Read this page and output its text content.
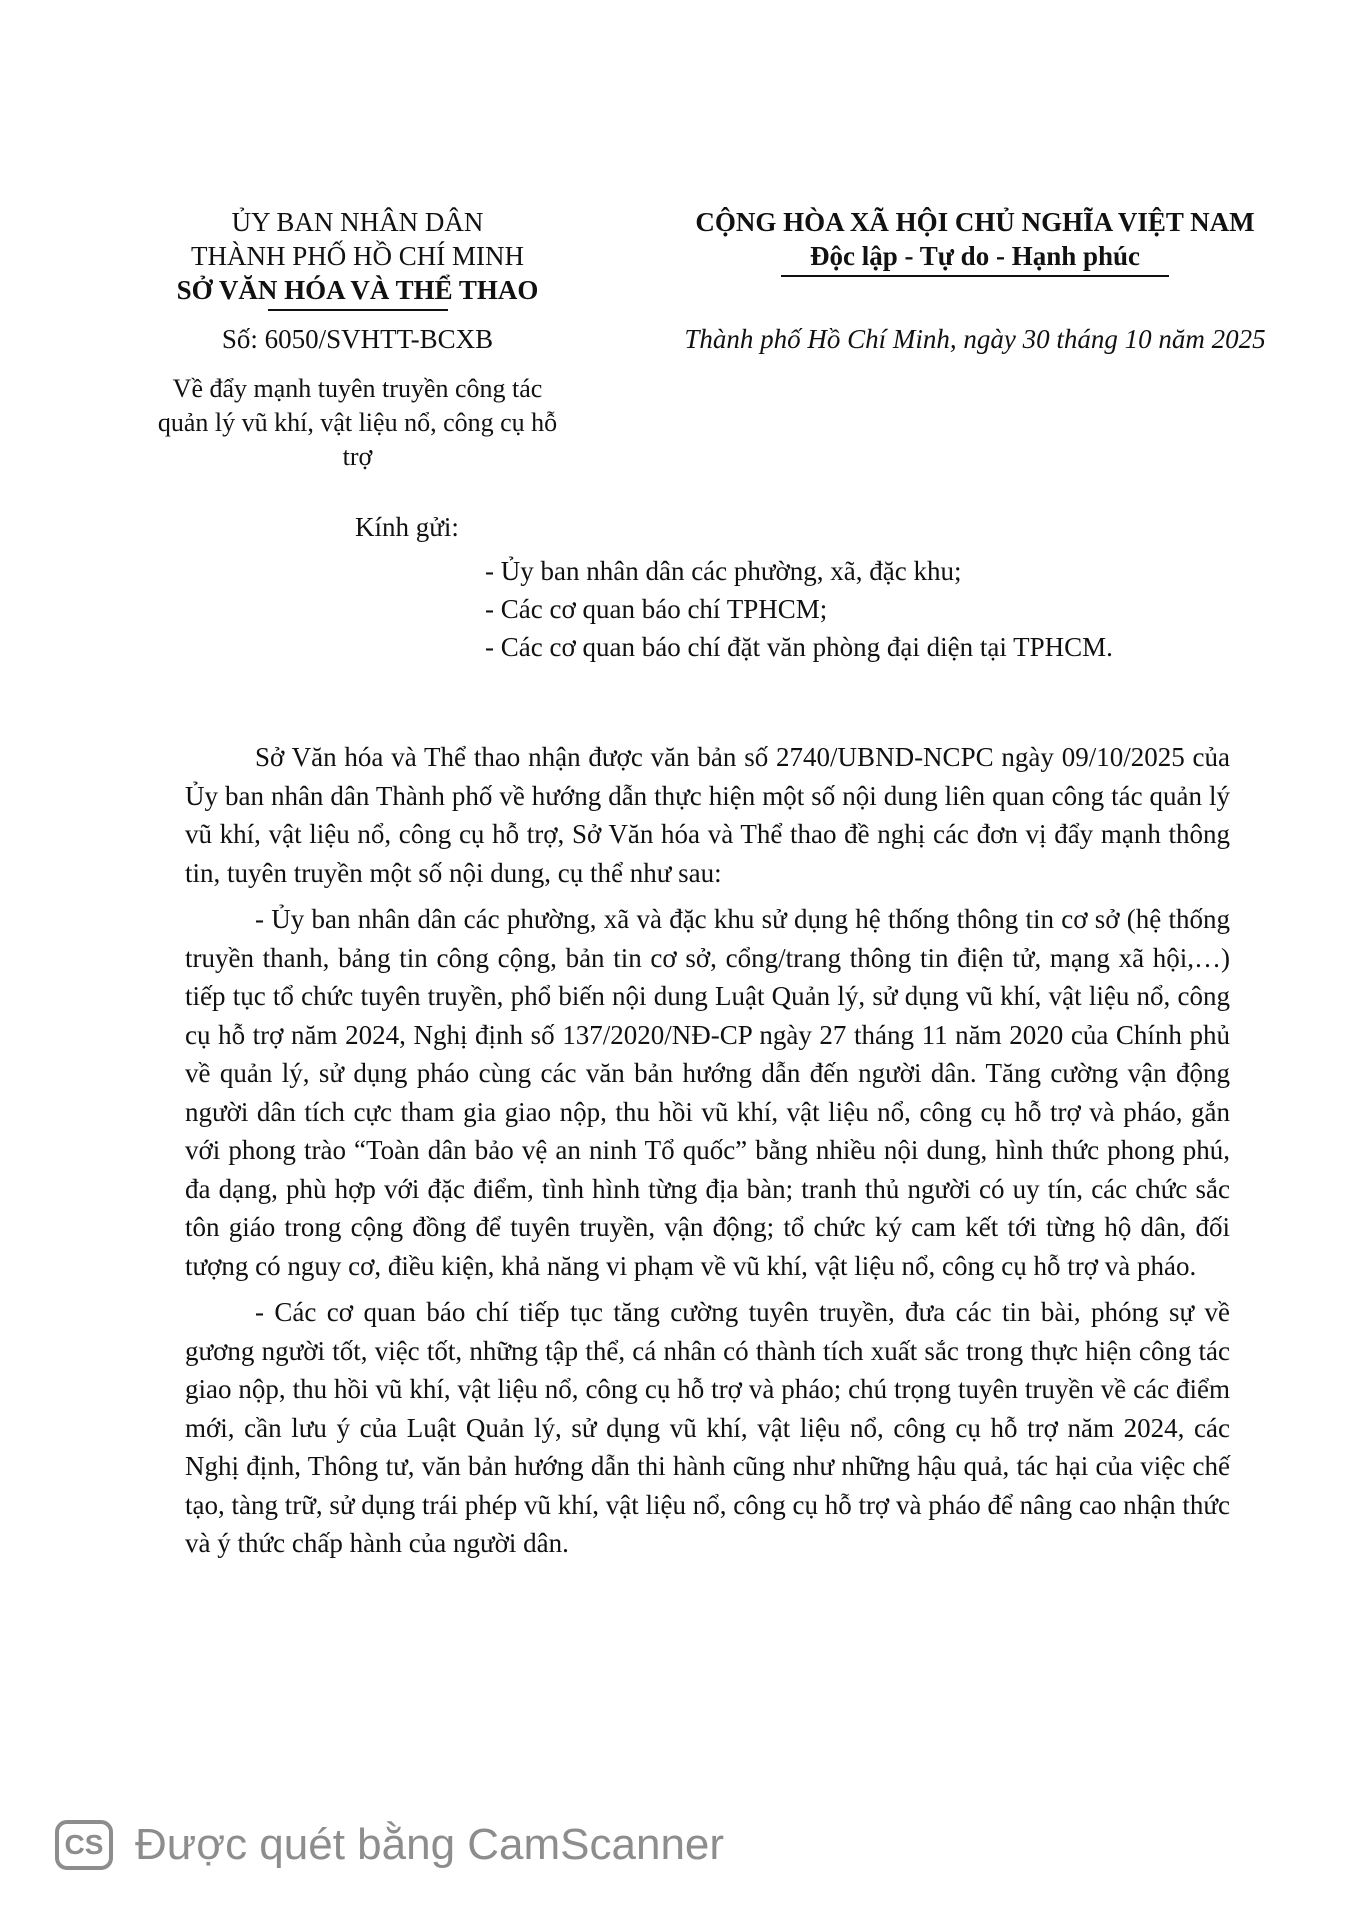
ỦY BAN NHÂN DÂN
THÀNH PHỐ HỒ CHÍ MINH
SỞ VĂN HÓA VÀ THỂ THAO
CỘNG HÒA XÃ HỘI CHỦ NGHĨA VIỆT NAM
Độc lập - Tự do - Hạnh phúc
Số: 6050/SVHTT-BCXB	Thành phố Hồ Chí Minh, ngày 30 tháng 10 năm 2025
Về đẩy mạnh tuyên truyền công tác
quản lý vũ khí, vật liệu nổ, công cụ hỗ trợ
Kính gửi:
- Ủy ban nhân dân các phường, xã, đặc khu;
- Các cơ quan báo chí TPHCM;
- Các cơ quan báo chí đặt văn phòng đại diện tại TPHCM.

Sở Văn hóa và Thể thao nhận được văn bản số 2740/UBND-NCPC ngày 09/10/2025 của Ủy ban nhân dân Thành phố về hướng dẫn thực hiện một số nội dung liên quan công tác quản lý vũ khí, vật liệu nổ, công cụ hỗ trợ, Sở Văn hóa và Thể thao đề nghị các đơn vị đẩy mạnh thông tin, tuyên truyền một số nội dung, cụ thể như sau:

- Ủy ban nhân dân các phường, xã và đặc khu sử dụng hệ thống thông tin cơ sở (hệ thống truyền thanh, bảng tin công cộng, bản tin cơ sở, cổng/trang thông tin điện tử, mạng xã hội,…) tiếp tục tổ chức tuyên truyền, phổ biến nội dung Luật Quản lý, sử dụng vũ khí, vật liệu nổ, công cụ hỗ trợ năm 2024, Nghị định số 137/2020/NĐ-CP ngày 27 tháng 11 năm 2020 của Chính phủ về quản lý, sử dụng pháo cùng các văn bản hướng dẫn đến người dân. Tăng cường vận động người dân tích cực tham gia giao nộp, thu hồi vũ khí, vật liệu nổ, công cụ hỗ trợ và pháo, gắn với phong trào “Toàn dân bảo vệ an ninh Tổ quốc” bằng nhiều nội dung, hình thức phong phú, đa dạng, phù hợp với đặc điểm, tình hình từng địa bàn; tranh thủ người có uy tín, các chức sắc tôn giáo trong cộng đồng để tuyên truyền, vận động; tổ chức ký cam kết tới từng hộ dân, đối tượng có nguy cơ, điều kiện, khả năng vi phạm về vũ khí, vật liệu nổ, công cụ hỗ trợ và pháo.

- Các cơ quan báo chí tiếp tục tăng cường tuyên truyền, đưa các tin bài, phóng sự về gương người tốt, việc tốt, những tập thể, cá nhân có thành tích xuất sắc trong thực hiện công tác giao nộp, thu hồi vũ khí, vật liệu nổ, công cụ hỗ trợ và pháo; chú trọng tuyên truyền về các điểm mới, cần lưu ý của Luật Quản lý, sử dụng vũ khí, vật liệu nổ, công cụ hỗ trợ năm 2024, các Nghị định, Thông tư, văn bản hướng dẫn thi hành cũng như những hậu quả, tác hại của việc chế tạo, tàng trữ, sử dụng trái phép vũ khí, vật liệu nổ, công cụ hỗ trợ và pháo để nâng cao nhận thức và ý thức chấp hành của người dân.

CS Được quét bằng CamScanner
